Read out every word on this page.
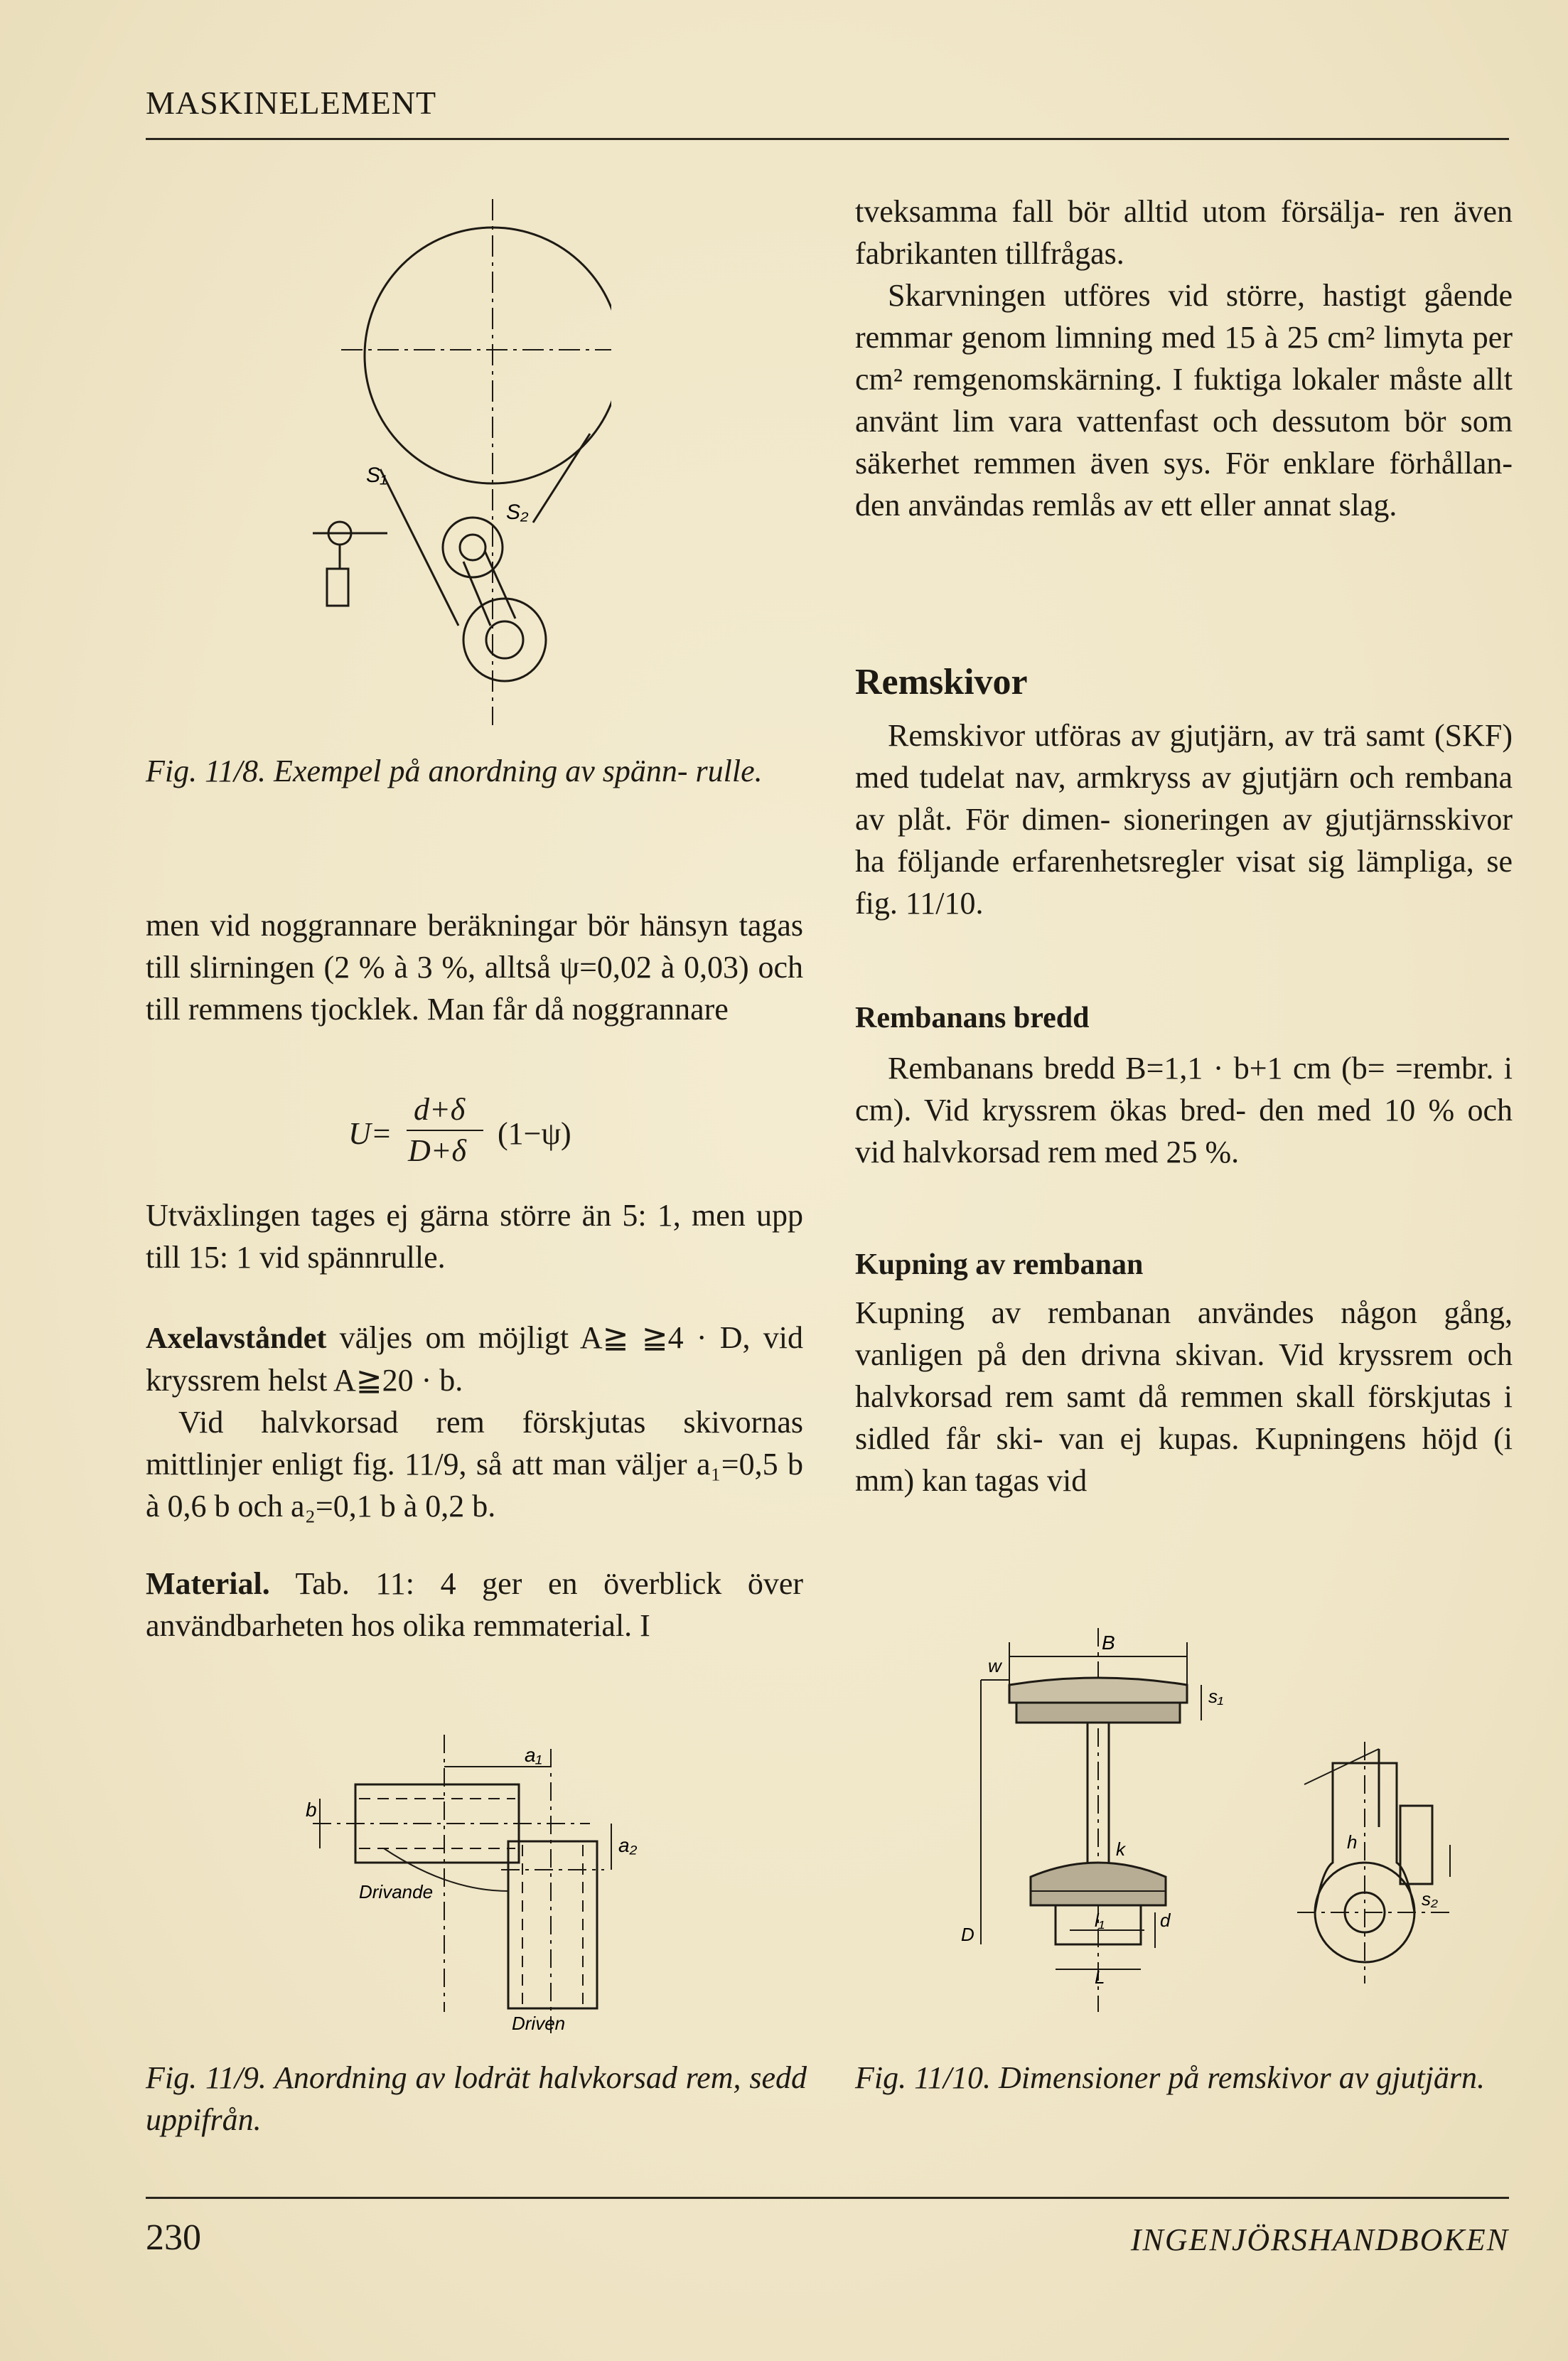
MASKINELEMENT
S₁
S₂
Fig. 11/8. Exempel på anordning av spänn- rulle.

men vid noggrannare beräkningar bör hänsyn tagas till slirningen (2 % à 3 %, alltså ψ=0,02 à 0,03) och till remmens tjocklek. Man får då noggrannare

U=
d+δ
D+δ (1−ψ)

Utväxlingen tages ej gärna större än 5: 1, men upp till 15: 1 vid spännrulle.

Axelavståndet väljes om möjligt A≧ ≧4 · D, vid kryssrem helst A≧20 · b.

Vid halvkorsad rem förskjutas skivornas mittlinjer enligt fig. 11/9, så att man väljer a₁=0,5 b à 0,6 b och a₂=0,1 b à 0,2 b.

Material. Tab. 11: 4 ger en överblick över användbarheten hos olika remmaterial. I

a₁
a₂
b
Drivande
Driven
Fig. 11/9. Anordning av lodrät halvkorsad rem, sedd uppifrån.

tveksamma fall bör alltid utom försälja- ren även fabrikanten tillfrågas.

Skarvningen utföres vid större, hastigt gående remmar genom limning med 15 à 25 cm² limyta per cm² remgenomskärning. I fuktiga lokaler måste allt använt lim vara vattenfast och dessutom bör som säkerhet remmen även sys. För enklare förhållan- den användas remlås av ett eller annat slag.

Remskivor

Remskivor utföras av gjutjärn, av trä samt (SKF) med tudelat nav, armkryss av gjutjärn och rembana av plåt. För dimen- sioneringen av gjutjärnsskivor ha följande erfarenhetsregler visat sig lämpliga, se fig. 11/10.

Rembanans bredd

Rembanans bredd B=1,1 · b+1 cm (b= =rembr. i cm). Vid kryssrem ökas bred- den med 10 % och vid halvkorsad rem med 25 %.

Kupning av rembanan

Kupning av rembanan användes någon gång, vanligen på den drivna skivan. Vid kryssrem och halvkorsad rem samt då remmen skall förskjutas i sidled får ski- van ej kupas. Kupningens höjd (i mm) kan tagas vid

B
w
s₁
k	h
s₂
D
l₁	d
L
Fig. 11/10. Dimensioner på remskivor av gjutjärn.
230	INGENJÖRSHANDBOKEN
